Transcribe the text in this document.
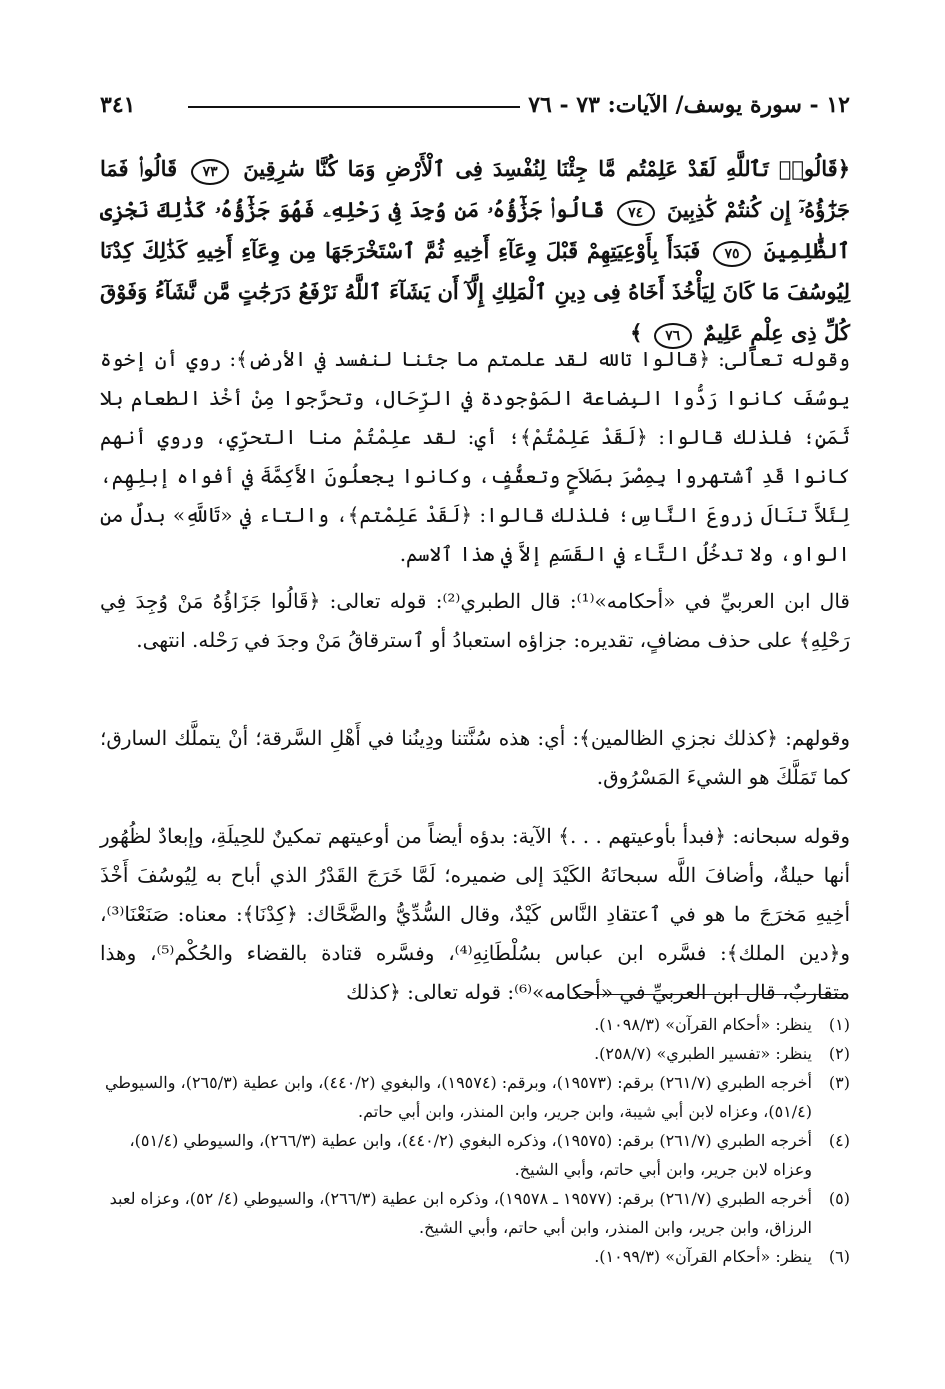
١٢ - سورة يوسف/ الآيات: ٧٣ - ٧٦
٣٤١
﴿قَالُوا۟ تَٱللَّهِ لَقَدْ عَلِمْتُم مَّا جِئْنَا لِنُفْسِدَ فِى ٱلْأَرْضِ وَمَا كُنَّا سَٰرِقِينَ ٧٣ قَالُوا۟ فَمَا جَزَٰٓؤُهُۥٓ إِن كُنتُمْ كَٰذِبِينَ ٧٤ قَالُوا۟ جَزَٰٓؤُهُۥ مَن وُجِدَ فِى رَحْلِهِۦ فَهُوَ جَزَٰٓؤُهُۥ كَذَٰلِكَ نَجْزِى ٱلظَّٰلِمِينَ ٧٥ فَبَدَأَ بِأَوْعِيَتِهِمْ قَبْلَ وِعَآءِ أَخِيهِ ثُمَّ ٱسْتَخْرَجَهَا مِن وِعَآءِ أَخِيهِ كَذَٰلِكَ كِدْنَا لِيُوسُفَ مَا كَانَ لِيَأْخُذَ أَخَاهُ فِى دِينِ ٱلْمَلِكِ إِلَّآ أَن يَشَآءَ ٱللَّهُ نَرْفَعُ دَرَجَٰتٍ مَّن نَّشَآءُ وَفَوْقَ كُلِّ ذِى عِلْمٍ عَلِيمٌ ٧٦ ﴾

وقوله تعالى: ﴿قالوا تالله لقد علمتم ما جئنا لنفسد في الأرض﴾: روي أن إخوة يوسُفَ كانوا رَدُّوا البِضاعة المَوْجودة في الرِّحَال، وتحرَّجوا مِنْ أخْذ الطعام بلا ثَمَنٍ؛ فلذلك قالوا: ﴿لَقَدْ عَلِمْتُمْ﴾؛ أي: لقد علِمْتُمْ منا التحرِّي، وروي أنهم كانوا قَدِ ٱشتهروا بِمِصْرَ بصَلاَحٍ وتعفُّفٍ، وكانوا يجعلُونَ الأَكِمَّةَ في أفواه إبلِهِم، لِئَلاَّ تنَالَ زروعَ النَّاسِ؛ فلذلك قالوا: ﴿لَقَدْ عَلِمْتم﴾، والتاء في «تَاللَّهِ» بدلٌ من الواو، ولا تدخُلُ التَّاء في القَسَمِ إلاَّ في هذا ٱلاسم.

قال ابن العربيِّ في «أحكامه»⁽¹⁾: قال الطبري⁽²⁾: قوله تعالى: ﴿قَالُوا جَزَاؤُهُ مَنْ وُجِدَ فِي رَحْلِهِ﴾ على حذف مضافٍ، تقديره: جزاؤه استعبادُ أو ٱسترقاقُ مَنْ وجدَ في رَحْله. انتهى.

وقولهم: ﴿كذلك نجزي الظالمين﴾: أي: هذه سُنَّتنا ودِينُنا في أَهْلِ السَّرقة؛ أنْ يتملَّك السارق؛ كما تَمَلَّكَ هو الشيءَ المَسْرُوق.

وقوله سبحانه: ﴿فبدأ بأوعيتهم . . .﴾ الآية: بدؤه أيضاً من أوعيتهم تمكينٌ للحِيلَةِ، وإبعادٌ لظُهُور أنها حيلةٌ، وأضافَ اللَّه سبحانَهُ الكَيْدَ إلى ضميره؛ لَمَّا خَرَجَ القَدْرُ الذي أباح به لِيُوسُفَ أَخْذَ أخِيهِ مَخرَجَ ما هو في ٱعتقادِ النَّاس كَيْدٌ، وقال السُّدِّيُّ والضَّحَّاك: ﴿كِدْنَا﴾: معناه: صَنَعْنَا⁽³⁾، و﴿دين الملك﴾: فسَّره ابن عباس بسُلْطَانِهِ⁽⁴⁾، وفسَّره قتادة بالقضاء والحُكْم⁽⁵⁾، وهذا متقاربٌ، قال ابن العربيِّ في «أحكامه»⁽⁶⁾: قوله تعالى: ﴿كذلك

(١)
ينظر: «أحكام القرآن» (١٠٩٨/٣).
(٢)
ينظر: «تفسير الطبري» (٢٥٨/٧).
(٣)
أخرجه الطبري (٢٦١/٧) برقم: (١٩٥٧٣)، وبرقم: (١٩٥٧٤)، والبغوي (٤٤٠/٢)، وابن عطية (٢٦٥/٣)، والسيوطي (٥١/٤)، وعزاه لابن أبي شيبة، وابن جرير، وابن المنذر، وابن أبي حاتم.
(٤)
أخرجه الطبري (٢٦١/٧) برقم: (١٩٥٧٥)، وذكره البغوي (٤٤٠/٢)، وابن عطية (٢٦٦/٣)، والسيوطي (٥١/٤)، وعزاه لابن جرير، وابن أبي حاتم، وأبي الشيخ.
(٥)
أخرجه الطبري (٢٦١/٧) برقم: (١٩٥٧٧ ـ ١٩٥٧٨)، وذكره ابن عطية (٢٦٦/٣)، والسيوطي (٤/ ٥٢)، وعزاه لعبد الرزاق، وابن جرير، وابن المنذر، وابن أبي حاتم، وأبي الشيخ.
(٦)
ينظر: «أحكام القرآن» (١٠٩٩/٣).
